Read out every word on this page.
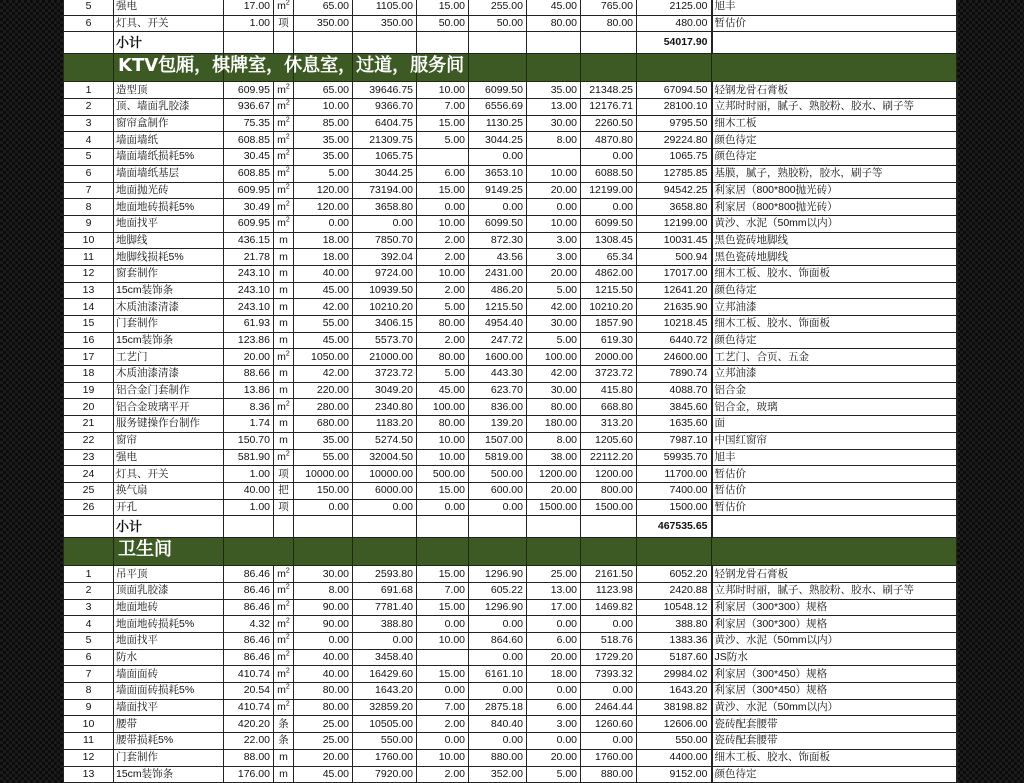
5	强电	17.00	$m^2$	65.00	1105.00	15.00	255.00	45.00	765.00	2125.00	旭丰
6	灯具、开关	1.00	项	350.00	350.00	50.00	50.00	80.00	80.00	480.00	暂估价
	小计									54017.90	

	KTV包厢，棋牌室，休息室，过道，服务间										

1	造型顶	609.95	$m^2$	65.00	39646.75	10.00	6099.50	35.00	21348.25	67094.50	轻钢龙骨石膏板
2	顶、墙面乳胶漆	936.67	$m^2$	10.00	9366.70	7.00	6556.69	13.00	12176.71	28100.10	立邦时时丽，腻子、熟胶粉、胶水、刷子等
3	窗帘盒制作	75.35	$m^2$	85.00	6404.75	15.00	1130.25	30.00	2260.50	9795.50	细木工板
4	墙面墙纸	608.85	$m^2$	35.00	21309.75	5.00	3044.25	8.00	4870.80	29224.80	颜色待定
5	墙面墙纸损耗5%	30.45	$m^2$	35.00	1065.75		0.00		0.00	1065.75	颜色待定
6	墙面墙纸基层	608.85	$m^2$	5.00	3044.25	6.00	3653.10	10.00	6088.50	12785.85	基膜，腻子，熟胶粉，胶水，刷子等
7	地面抛光砖	609.95	$m^2$	120.00	73194.00	15.00	9149.25	20.00	12199.00	94542.25	利家居（800*800抛光砖）
8	地面地砖损耗5%	30.49	$m^2$	120.00	3658.80	0.00	0.00	0.00	0.00	3658.80	利家居（800*800抛光砖）
9	地面找平	609.95	$m^2$	0.00	0.00	10.00	6099.50	10.00	6099.50	12199.00	黄沙、水泥（50mm以内）
10	地脚线	436.15	m	18.00	7850.70	2.00	872.30	3.00	1308.45	10031.45	黑色瓷砖地脚线
11	地脚线损耗5%	21.78	m	18.00	392.04	2.00	43.56	3.00	65.34	500.94	黑色瓷砖地脚线
12	窗套制作	243.10	m	40.00	9724.00	10.00	2431.00	20.00	4862.00	17017.00	细木工板、胶水、饰面板
13	15cm装饰条	243.10	m	45.00	10939.50	2.00	486.20	5.00	1215.50	12641.20	颜色待定
14	木质油漆清漆	243.10	m	42.00	10210.20	5.00	1215.50	42.00	10210.20	21635.90	立邦油漆
15	门套制作	61.93	m	55.00	3406.15	80.00	4954.40	30.00	1857.90	10218.45	细木工板、胶水、饰面板
16	15cm装饰条	123.86	m	45.00	5573.70	2.00	247.72	5.00	619.30	6440.72	颜色待定
17	工艺门	20.00	$m^2$	1050.00	21000.00	80.00	1600.00	100.00	2000.00	24600.00	工艺门、合页、五金
18	木质油漆清漆	88.66	m	42.00	3723.72	5.00	443.30	42.00	3723.72	7890.74	立邦油漆
19	铝合金门套制作	13.86	m	220.00	3049.20	45.00	623.70	30.00	415.80	4088.70	铝合金
20	铝合金玻璃平开	8.36	$m^2$	280.00	2340.80	100.00	836.00	80.00	668.80	3845.60	铝合金，玻璃
21	服务键操作台制作	1.74	m	680.00	1183.20	80.00	139.20	180.00	313.20	1635.60	面
22	窗帘	150.70	m	35.00	5274.50	10.00	1507.00	8.00	1205.60	7987.10	中国红窗帘
23	强电	581.90	$m^2$	55.00	32004.50	10.00	5819.00	38.00	22112.20	59935.70	旭丰
24	灯具、开关	1.00	项	10000.00	10000.00	500.00	500.00	1200.00	1200.00	11700.00	暂估价
25	换气扇	40.00	把	150.00	6000.00	15.00	600.00	20.00	800.00	7400.00	暂估价
26	开孔	1.00	项	0.00	0.00	0.00	0.00	1500.00	1500.00	1500.00	暂估价
	小计									467535.65	

	卫生间										

1	吊平顶	86.46	$m^2$	30.00	2593.80	15.00	1296.90	25.00	2161.50	6052.20	轻钢龙骨石膏板
2	顶面乳胶漆	86.46	$m^2$	8.00	691.68	7.00	605.22	13.00	1123.98	2420.88	立邦时时丽，腻子、熟胶粉、胶水、刷子等
3	地面地砖	86.46	$m^2$	90.00	7781.40	15.00	1296.90	17.00	1469.82	10548.12	利家居（300*300）规格
4	地面地砖损耗5%	4.32	$m^2$	90.00	388.80	0.00	0.00	0.00	0.00	388.80	利家居（300*300）规格
5	地面找平	86.46	$m^2$	0.00	0.00	10.00	864.60	6.00	518.76	1383.36	黄沙、水泥（50mm以内）
6	防水	86.46	$m^2$	40.00	3458.40		0.00	20.00	1729.20	5187.60	JS防水
7	墙面面砖	410.74	$m^2$	40.00	16429.60	15.00	6161.10	18.00	7393.32	29984.02	利家居（300*450）规格
8	墙面面砖损耗5%	20.54	$m^2$	80.00	1643.20	0.00	0.00	0.00	0.00	1643.20	利家居（300*450）规格
9	墙面找平	410.74	$m^2$	80.00	32859.20	7.00	2875.18	6.00	2464.44	38198.82	黄沙、水泥（50mm以内）
10	腰带	420.20	条	25.00	10505.00	2.00	840.40	3.00	1260.60	12606.00	瓷砖配套腰带
11	腰带损耗5%	22.00	条	25.00	550.00	0.00	0.00	0.00	0.00	550.00	瓷砖配套腰带
12	门套制作	88.00	m	20.00	1760.00	10.00	880.00	20.00	1760.00	4400.00	细木工板、胶水、饰面板
13	15cm装饰条	176.00	m	45.00	7920.00	2.00	352.00	5.00	880.00	9152.00	颜色待定
